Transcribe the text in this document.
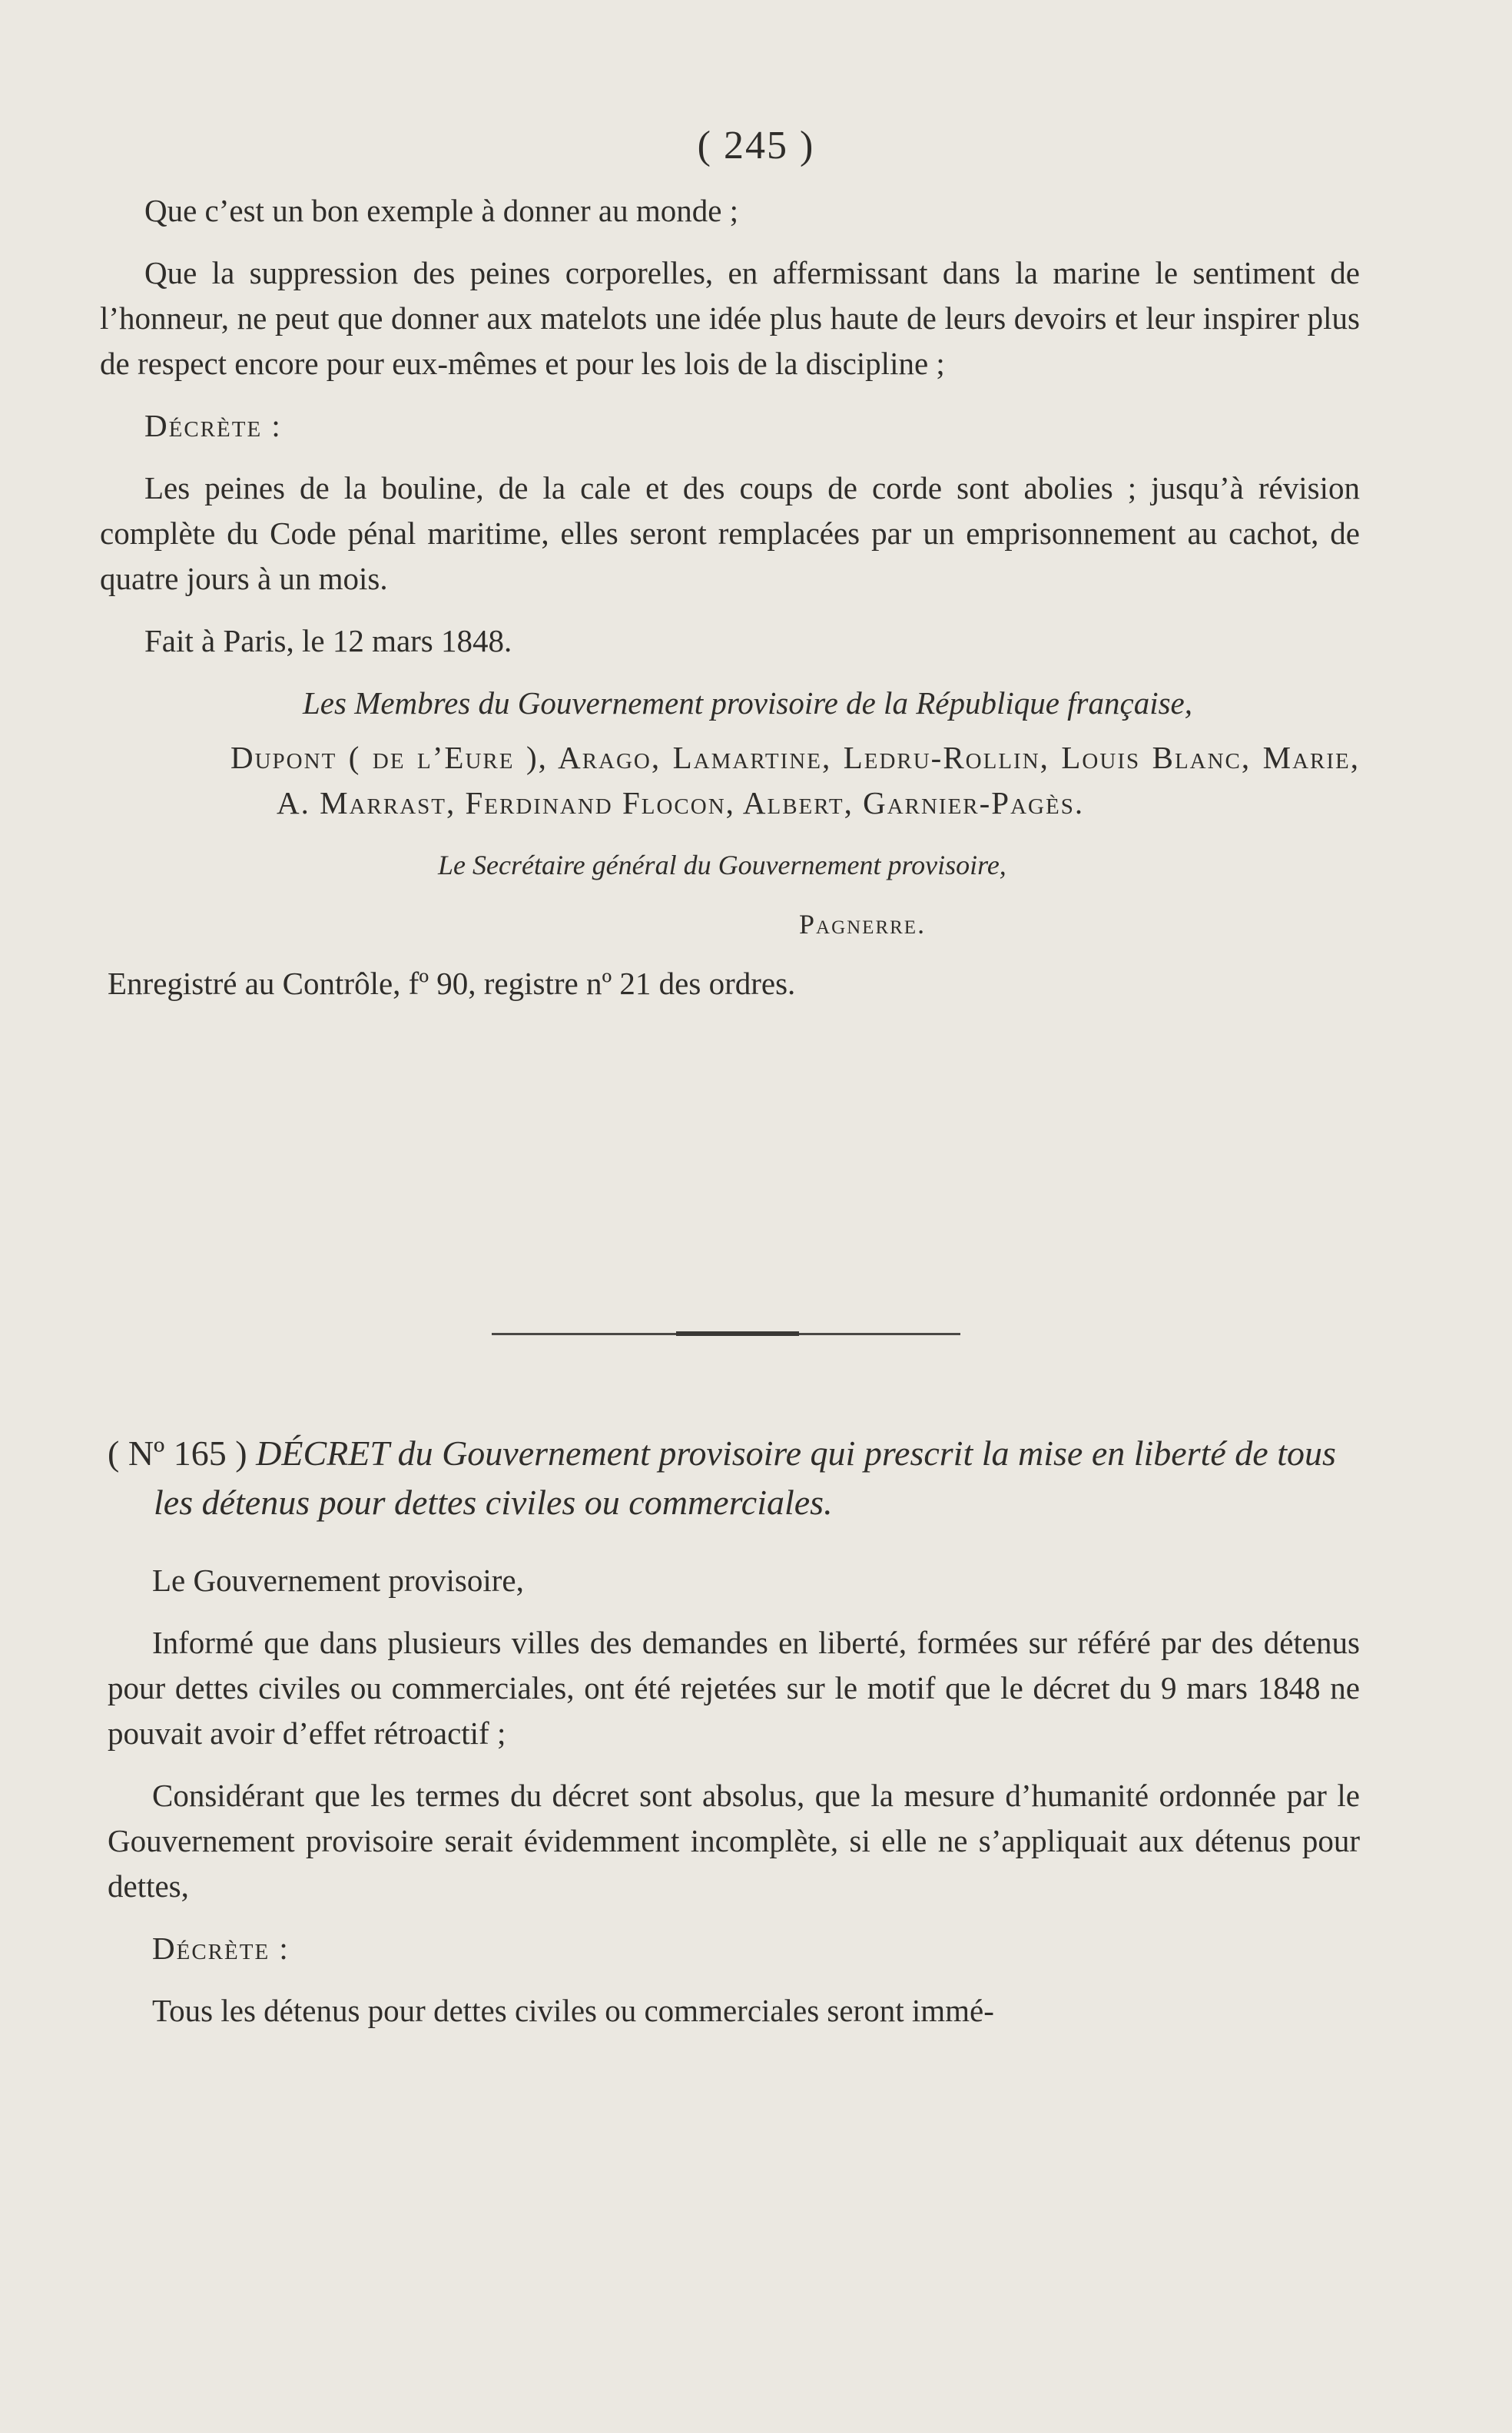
( 245 )

Que c’est un bon exemple à donner au monde ;

Que la suppression des peines corporelles, en affermissant dans la marine le sentiment de l’honneur, ne peut que donner aux matelots une idée plus haute de leurs devoirs et leur inspirer plus de respect encore pour eux-mêmes et pour les lois de la discipline ;

Décrète :

Les peines de la bouline, de la cale et des coups de corde sont abolies ; jusqu’à révision complète du Code pénal maritime, elles seront remplacées par un emprisonnement au cachot, de quatre jours à un mois.

Fait à Paris, le 12 mars 1848.

Les Membres du Gouvernement provisoire de la République française,

Dupont ( de l’Eure ), Arago, Lamartine, Ledru-Rollin, Louis Blanc, Marie, A. Marrast, Ferdinand Flocon, Albert, Garnier-Pagès.

Le Secrétaire général du Gouvernement provisoire,

Pagnerre.

Enregistré au Contrôle, fº 90, registre nº 21 des ordres.

( Nº 165 ) DÉCRET du Gouvernement provisoire qui prescrit la mise en liberté de tous les détenus pour dettes civiles ou commerciales.

Le Gouvernement provisoire,

Informé que dans plusieurs villes des demandes en liberté, formées sur référé par des détenus pour dettes civiles ou commerciales, ont été rejetées sur le motif que le décret du 9 mars 1848 ne pouvait avoir d’effet rétroactif ;

Considérant que les termes du décret sont absolus, que la mesure d’humanité ordonnée par le Gouvernement provisoire serait évidemment incomplète, si elle ne s’appliquait aux détenus pour dettes,

Décrète :

Tous les détenus pour dettes civiles ou commerciales seront immé-
